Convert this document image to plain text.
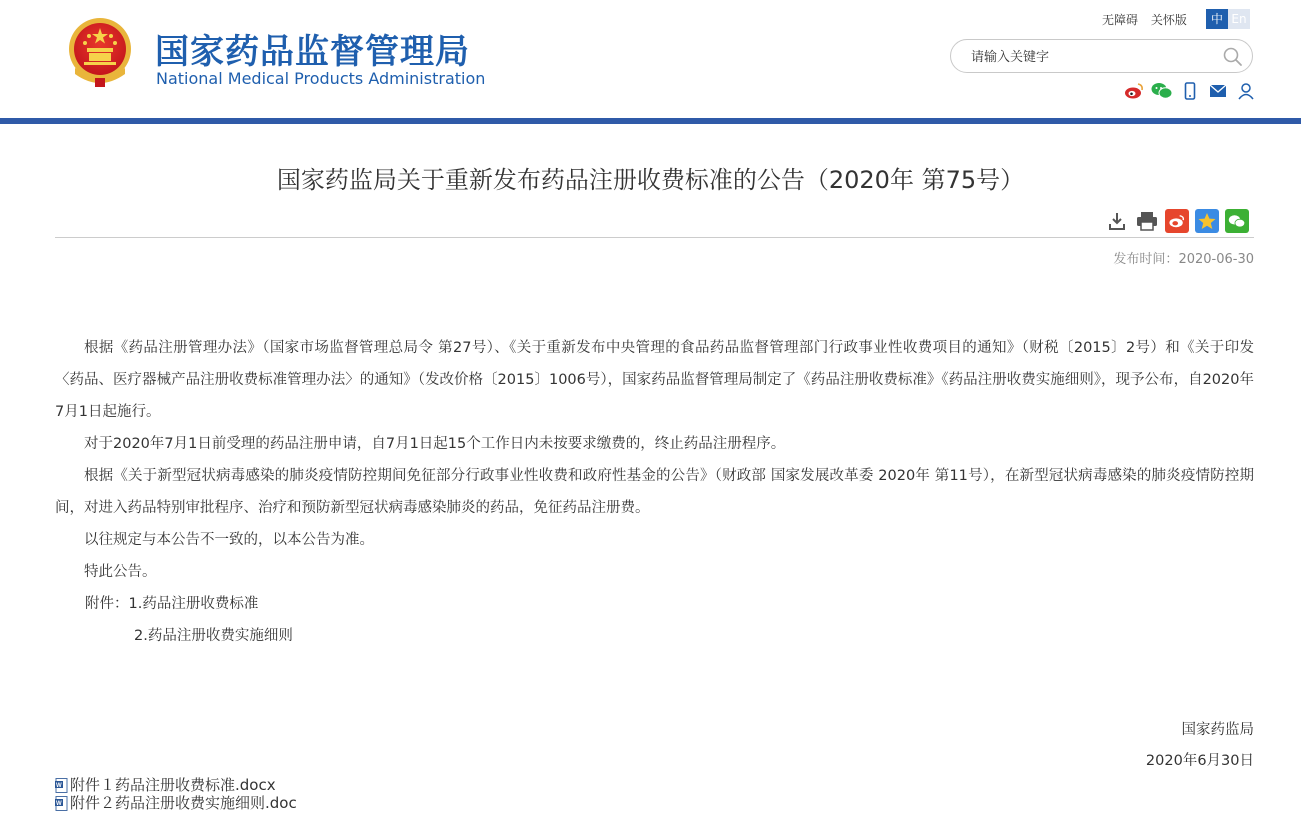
国家药品监督管理局
National Medical Products Administration
无障碍 关怀版	中 En
请输入关键字
国家药监局关于重新发布药品注册收费标准的公告（2020年 第75号）
发布时间：2020-06-30

根据《药品注册管理办法》（国家市场监督管理总局令 第27号）、《关于重新发布中央管理的食品药品监督管理部门行政事业性收费项目的通知》（财税〔2015〕2号）和《关于印发〈药品、医疗器械产品注册收费标准管理办法〉的通知》（发改价格〔2015〕1006号），国家药品监督管理局制定了《药品注册收费标准》《药品注册收费实施细则》，现予公布，自2020年7月1日起施行。

对于2020年7月1日前受理的药品注册申请，自7月1日起15个工作日内未按要求缴费的，终止药品注册程序。

根据《关于新型冠状病毒感染的肺炎疫情防控期间免征部分行政事业性收费和政府性基金的公告》（财政部 国家发展改革委 2020年 第11号），在新型冠状病毒感染的肺炎疫情防控期间，对进入药品特别审批程序、治疗和预防新型冠状病毒感染肺炎的药品，免征药品注册费。

以往规定与本公告不一致的，以本公告为准。

特此公告。

附件：1.药品注册收费标准

2.药品注册收费实施细则

国家药监局
2020年6月30日
W 附件１药品注册收费标准.docx
W 附件２药品注册收费实施细则.doc
